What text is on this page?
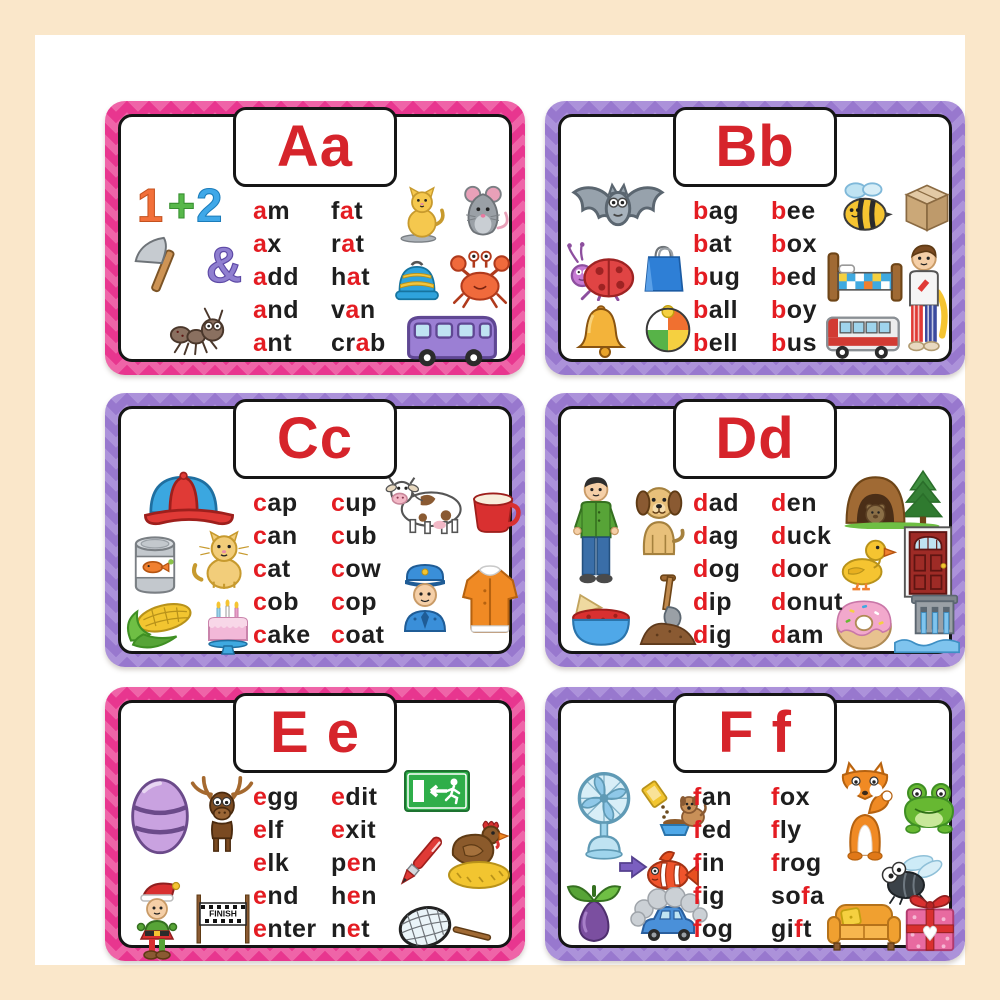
Aa
am	fat
ax	rat
add	hat
and	van
ant	crab
1 + 2
&
Bb
bag	bee
bat	box
bug	bed
ball	boy
bell	bus
Cc
cap	cup
can	cub
cat	cow
cob	cop
cake coat
Dd
dad	den
dag	duck
dog	door
dip	donut
dig	dam
E e
egg	edit
elf	exit
elk	pen
end	hen
enter net
FINISH
F f
fan	fox
fed	fly
fin	frog
fig	sofa
fog	gift
